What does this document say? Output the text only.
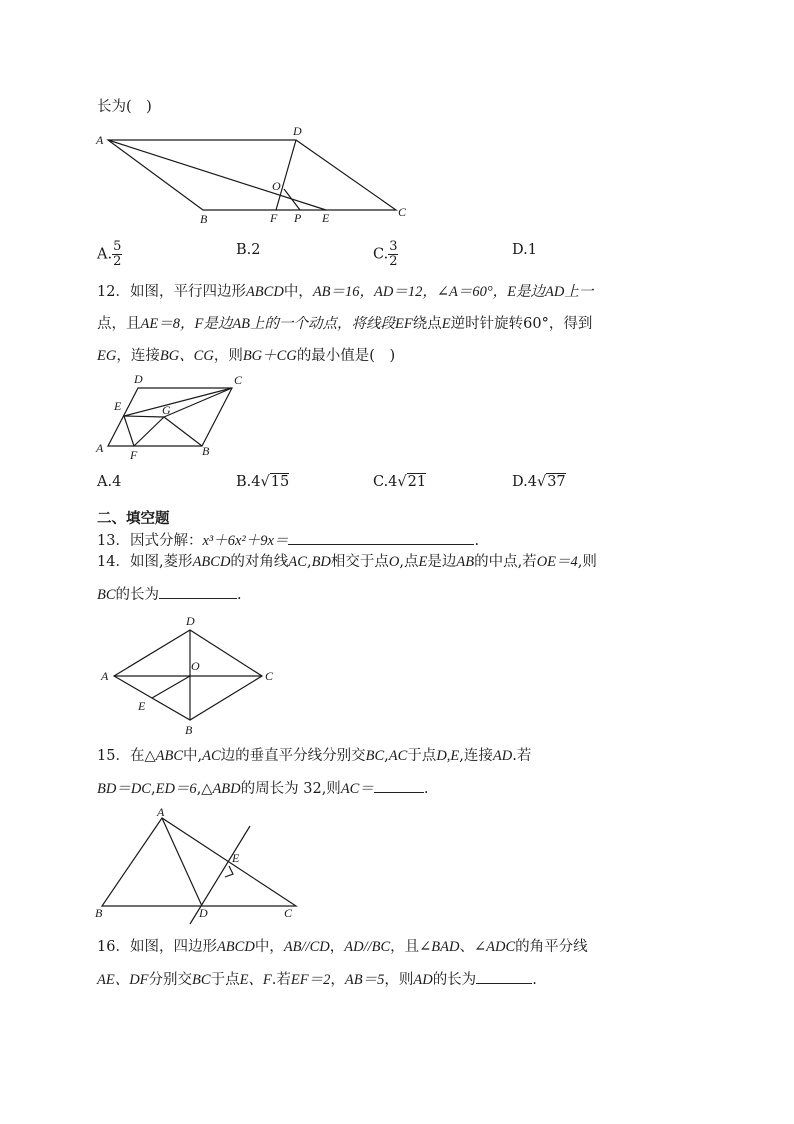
长为(　)
A
D
B	C
O
F P E
A. $\frac{5}{2}$	B.2	C. $\frac{3}{2}$	D.1
12．如图，平行四边形ABCD中，AB＝16，AD＝12，∠A＝60°，E是边AD上一
点，且AE＝8，F是边AB上的一个动点，将线段EF绕点E逆时针旋转60°，得到
EG，连接BG、CG，则BG＋CG的最小值是(　)
D	C
E	G
A F	B
A.4	B.4√15	C.4√21	D.4√37
二、填空题
13．因式分解：x³＋6x²＋9x＝	.
14．如图,菱形ABCD的对角线AC,BD相交于点O,点E是边AB的中点,若OE＝4,则
BC的长为	.
D
A
O
C
E
B
15．在△ABC中,AC边的垂直平分线分别交BC,AC于点D,E,连接AD.若
BD＝DC,ED＝6,△ABD的周长为 32,则AC＝	.
A
E
B	D	C
16．如图，四边形ABCD中，AB//CD，AD//BC，且∠BAD、∠ADC的角平分线
AE、DF分别交BC于点E、F.若EF＝2，AB＝5，则AD的长为	.
